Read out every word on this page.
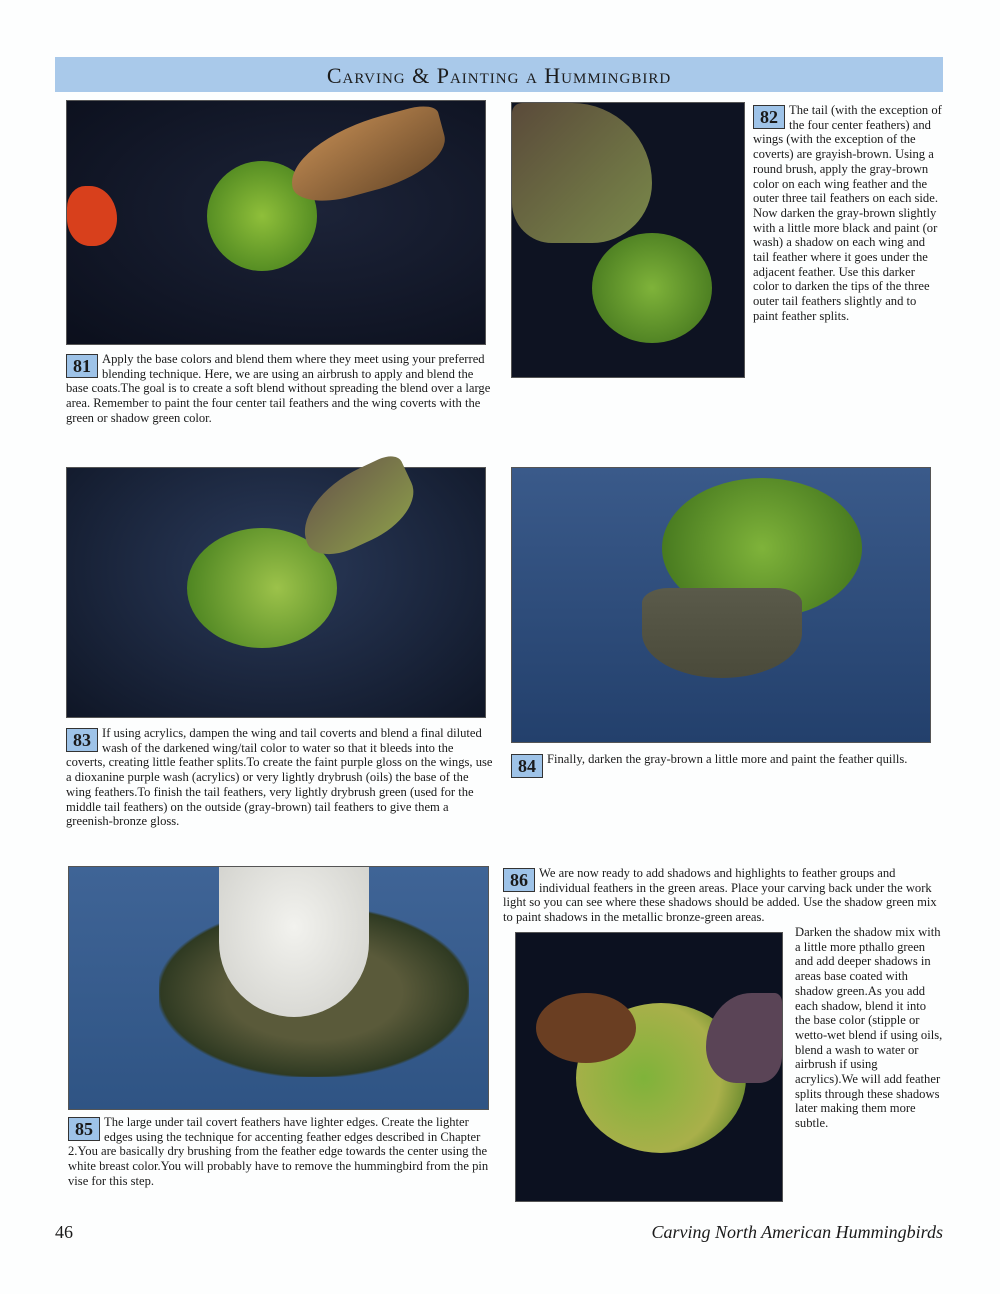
Carving & Painting a Hummingbird
81 Apply the base colors and blend them where they meet using your preferred blending technique. Here, we are using an airbrush to apply and blend the base coats.The goal is to create a soft blend without spreading the blend over a large area. Remember to paint the four center tail feathers and the wing coverts with the green or shadow green color.
82 The tail (with the exception of the four center feathers) and wings (with the exception of the coverts) are grayish-brown. Using a round brush, apply the gray-brown color on each wing feather and the outer three tail feathers on each side. Now darken the gray-brown slightly with a little more black and paint (or wash) a shadow on each wing and tail feather where it goes under the adjacent feather. Use this darker color to darken the tips of the three outer tail feathers slightly and to paint feather splits.
83 If using acrylics, dampen the wing and tail coverts and blend a final diluted wash of the darkened wing/tail color to water so that it bleeds into the coverts, creating little feather splits.To create the faint purple gloss on the wings, use a dioxanine purple wash (acrylics) or very lightly drybrush (oils) the base of the wing feathers.To finish the tail feathers, very lightly drybrush green (used for the middle tail feathers) on the outside (gray-brown) tail feathers to give them a greenish-bronze gloss.
84 Finally, darken the gray-brown a little more and paint the feather quills.
85 The large under tail covert feathers have lighter edges. Create the lighter edges using the technique for accenting feather edges described in Chapter 2.You are basically dry brushing from the feather edge towards the center using the white breast color.You will probably have to remove the hummingbird from the pin vise for this step.
86 We are now ready to add shadows and highlights to feather groups and individual feathers in the green areas. Place your carving back under the work light so you can see where these shadows should be added. Use the shadow green mix to paint shadows in the metallic bronze-green areas.
Darken the shadow mix with a little more pthallo green and add deeper shadows in areas base coated with shadow green.As you add each shadow, blend it into the base color (stipple or wetto-wet blend if using oils, blend a wash to water or airbrush if using acrylics).We will add feather splits through these shadows later making them more subtle.
46	Carving North American Hummingbirds
